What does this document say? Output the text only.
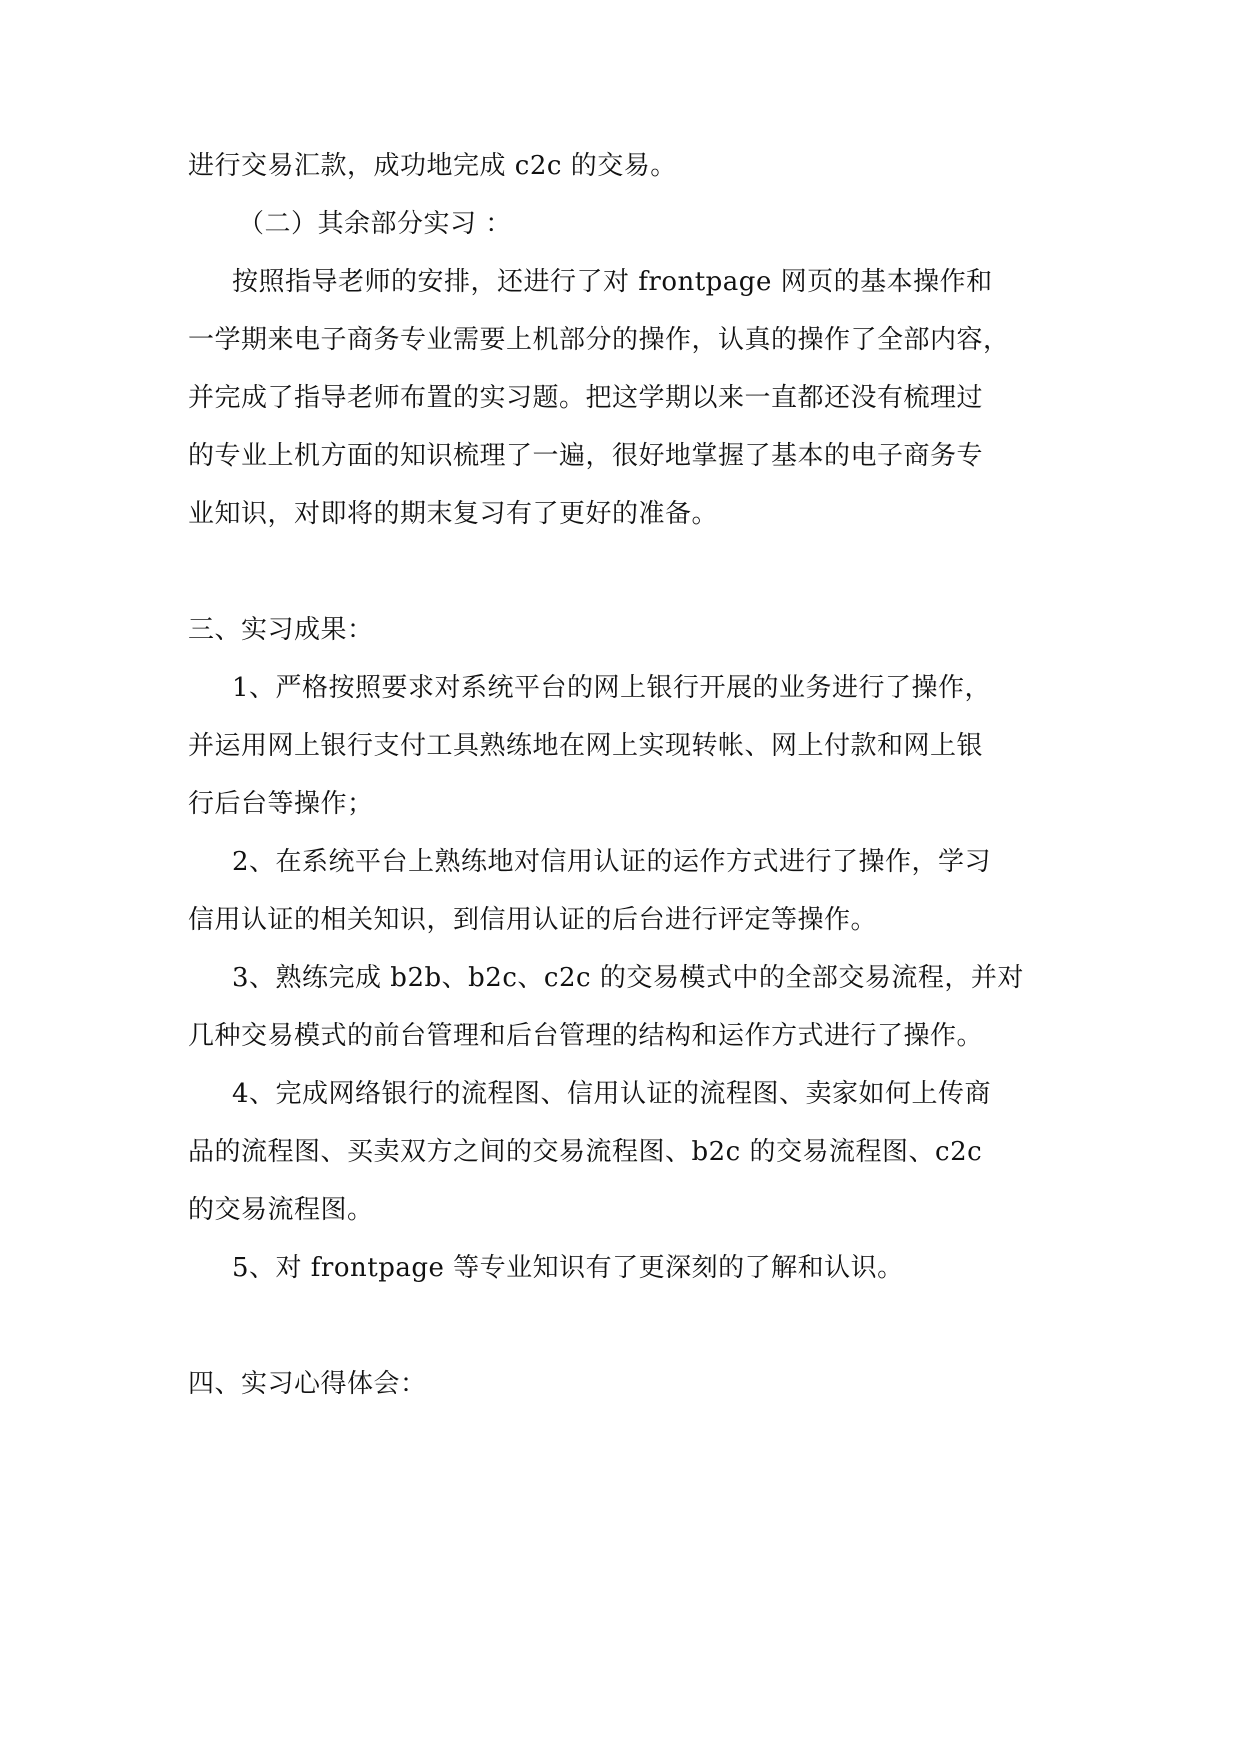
进行交易汇款，成功地完成 c2c 的交易。
（二）其余部分实习 ：
按照指导老师的安排，还进行了对 frontpage 网页的基本操作和
一学期来电子商务专业需要上机部分的操作，认真的操作了全部内容，
并完成了指导老师布置的实习题。把这学期以来一直都还没有梳理过
的专业上机方面的知识梳理了一遍，很好地掌握了基本的电子商务专
业知识，对即将的期末复习有了更好的准备。
三、实习成果：
1、严格按照要求对系统平台的网上银行开展的业务进行了操作，
并运用网上银行支付工具熟练地在网上实现转帐、网上付款和网上银
行后台等操作；
2、在系统平台上熟练地对信用认证的运作方式进行了操作，学习
信用认证的相关知识，到信用认证的后台进行评定等操作。
3、熟练完成 b2b、b2c、c2c 的交易模式中的全部交易流程，并对
几种交易模式的前台管理和后台管理的结构和运作方式进行了操作。
4、完成网络银行的流程图、信用认证的流程图、卖家如何上传商
品的流程图、买卖双方之间的交易流程图、b2c 的交易流程图、c2c
的交易流程图。
5、对 frontpage 等专业知识有了更深刻的了解和认识。
四、实习心得体会：
